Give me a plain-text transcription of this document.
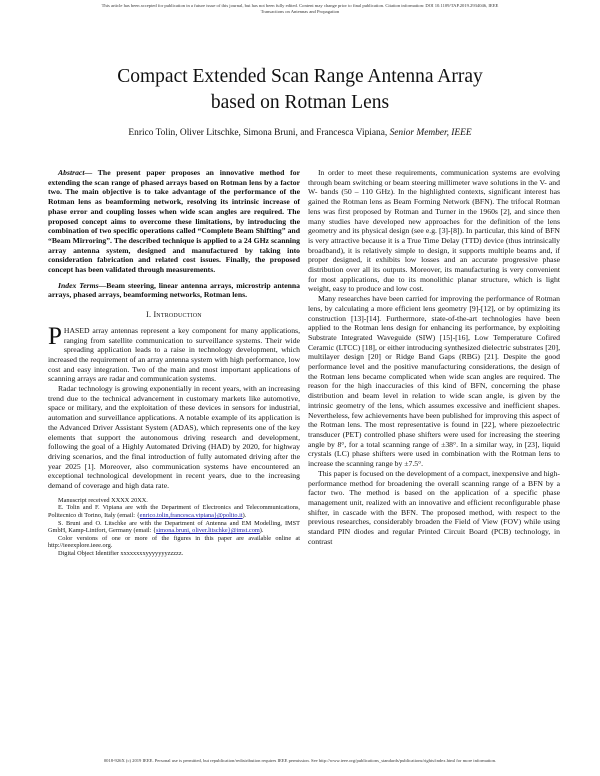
This article has been accepted for publication in a future issue of this journal, but has not been fully edited. Content may change prior to final publication. Citation information: DOI 10.1109/TAP.2019.2934046, IEEE
Transactions on Antennas and Propagation
Compact Extended Scan Range Antenna Array
based on Rotman Lens
Enrico Tolin, Oliver Litschke, Simona Bruni, and Francesca Vipiana, Senior Member, IEEE

Abstract— The present paper proposes an innovative method for extending the scan range of phased arrays based on Rotman lens by a factor two. The main objective is to take advantage of the performance of the Rotman lens as beamforming network, resolving its intrinsic increase of phase error and coupling losses when wide scan angles are required. The proposed concept aims to overcome these limitations, by introducing the combination of two specific operations called “Complete Beam Shifting” and “Beam Mirroring”. The described technique is applied to a 24 GHz scanning array antenna system, designed and manufactured by taking into consideration fabrication and related cost issues. Finally, the proposed concept has been validated through measurements.

Index Terms—Beam steering, linear antenna arrays, microstrip antenna arrays, phased arrays, beamforming networks, Rotman lens.

I. Introduction

PHASED array antennas represent a key component for many applications, ranging from satellite communication to surveillance systems. Their wide spreading application leads to a raise in technology development, which increased the requirement of an array antenna system with high performance, low cost and easy integration. Two of the main and most important applications of scanning arrays are radar and communication systems.

Radar technology is growing exponentially in recent years, with an increasing trend due to the technical advancement in customary markets like automotive, space or military, and the exploitation of these devices in sensors for industrial, automation and surveillance applications. A notable example of its application is the Advanced Driver Assistant System (ADAS), which represents one of the key elements that support the autonomous driving research and development, following the goal of a Highly Automated Driving (HAD) by 2020, for highway driving scenarios, and the final introduction of fully automated driving after the year 2025 [1]. Moreover, also communication systems have encountered an exceptional technological development in recent years, due to the increasing demand of coverage and high data rate.

Manuscript received XXXX 20XX.

E. Tolin and F. Vipiana are with the Department of Electronics and Telecommunications, Politecnico di Torino, Italy (email: {enrico.tolin,francesca.vipiana}@polito.it).

S. Bruni and O. Litschke are with the Department of Antenna and EM Modelling, IMST GmbH, Kamp-Lintfort, Germany (email: {simona.bruni, oliver.litschke}@imst.com).

Color versions of one or more of the figures in this paper are available online at http://ieeexplore.ieee.org.

Digital Object Identifier xxxxxxxxyyyyyyyzzzzz.

In order to meet these requirements, communication systems are evolving through beam switching or beam steering millimeter wave solutions in the V- and W- bands (50 – 110 GHz). In the highlighted contexts, significant interest has gained the Rotman lens as Beam Forming Network (BFN). The trifocal Rotman lens was first proposed by Rotman and Turner in the 1960s [2], and since then many studies have developed new approaches for the definition of the lens geometry and its physical design (see e.g. [3]-[8]). In particular, this kind of BFN is very attractive because it is a True Time Delay (TTD) device (thus intrinsically broadband), it is relatively simple to design, it supports multiple beams and, if proper designed, it exhibits low losses and an accurate progressive phase distribution over all its outputs. Moreover, its manufacturing is very convenient for most applications, due to its monolithic planar structure, which is light weight, easy to produce and low cost.

Many researches have been carried for improving the performance of Rotman lens, by calculating a more efficient lens geometry [9]-[12], or by optimizing its construction [13]-[14]. Furthermore, state-of-the-art technologies have been applied to the Rotman lens design for enhancing its performance, by exploiting Substrate Integrated Waveguide (SIW) [15]-[16], Low Temperature Cofired Ceramic (LTCC) [18], or either introducing synthesized dielectric substrates [20], multilayer design [20] or Ridge Band Gaps (RBG) [21]. Despite the good performance level and the positive manufacturing considerations, the design of the Rotman lens became complicated when wide scan angles are required. The reason for the high inaccuracies of this kind of BFN, concerning the phase distribution and beam level in relation to wide scan angle, is given by the intrinsic geometry of the lens, which assumes excessive and inefficient shapes. Nevertheless, few achievements have been published for improving this aspect of the Rotman lens. The most representative is found in [22], where piezoelectric transducer (PET) controlled phase shifters were used for increasing the steering angle by 8°, for a total scanning range of ±38°. In a similar way, in [23], liquid crystals (LC) phase shifters were used in combination with the Rotman lens to increase the scanning range by ±7.5°.

This paper is focused on the development of a compact, inexpensive and high-performance method for broadening the overall scanning range of a BFN by a factor two. The method is based on the application of a specific phase management unit, realized with an innovative and efficient reconfigurable phase shifter, in cascade with the BFN. The proposed method, with respect to the previous researches, considerably broaden the Field of View (FOV) while using standard PIN diodes and regular Printed Circuit Board (PCB) technology, in contrast

0018-926X (c) 2019 IEEE. Personal use is permitted, but republication/redistribution requires IEEE permission. See http://www.ieee.org/publications_standards/publications/rights/index.html for more information.
